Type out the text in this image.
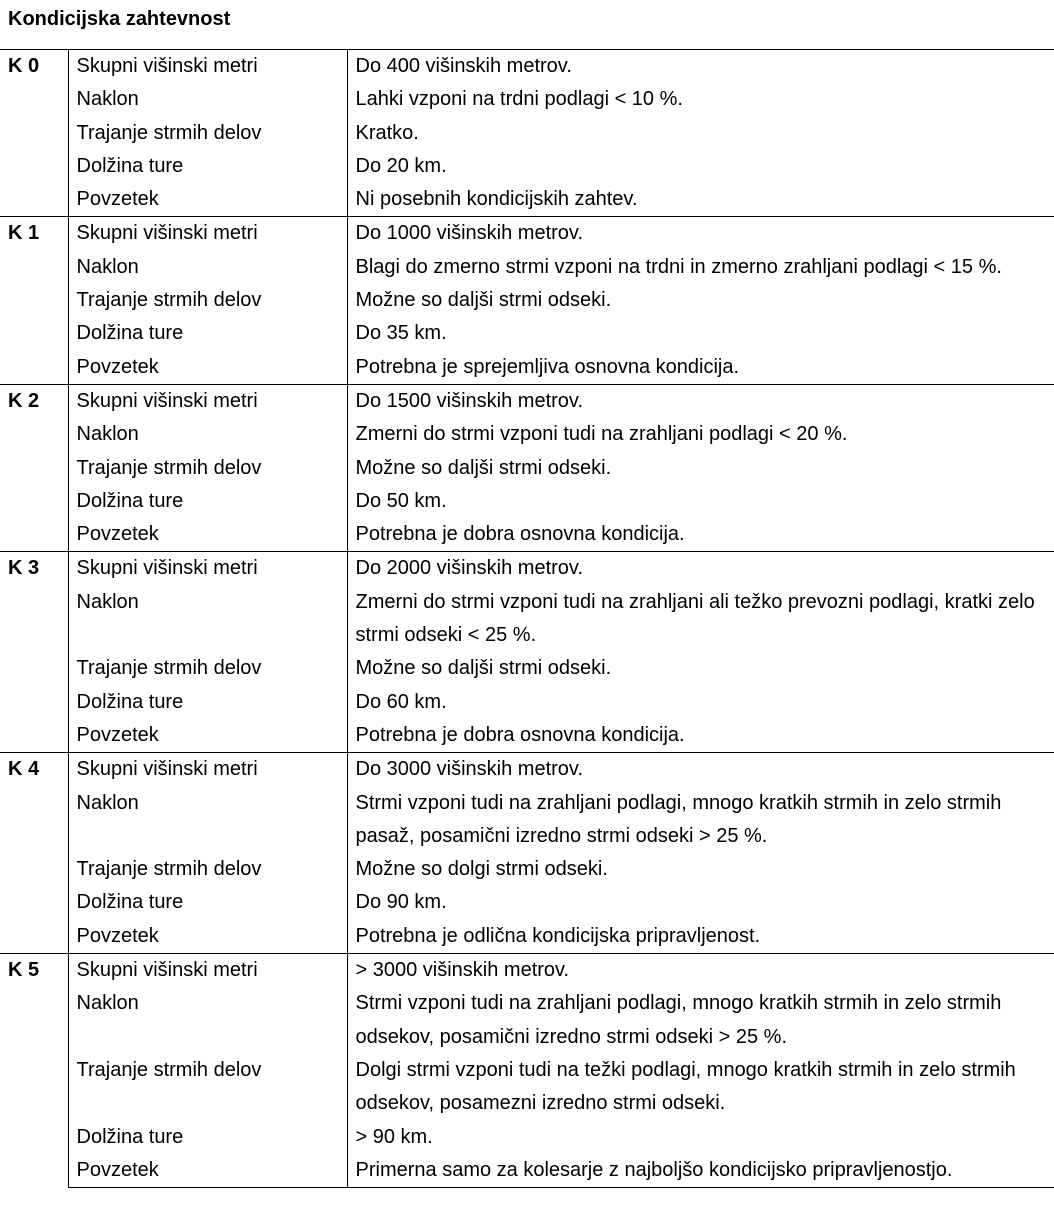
Kondicijska zahtevnost
K 0	Skupni višinski metri	Do 400 višinskih metrov.
	Naklon	Lahki vzponi na trdni podlagi < 10 %.
	Trajanje strmih delov	Kratko.
	Dolžina ture	Do 20 km.
	Povzetek	Ni posebnih kondicijskih zahtev.
K 1	Skupni višinski metri	Do 1000 višinskih metrov.
	Naklon	Blagi do zmerno strmi vzponi na trdni in zmerno zrahljani podlagi < 15 %.
	Trajanje strmih delov	Možne so daljši strmi odseki.
	Dolžina ture	Do 35 km.
	Povzetek	Potrebna je sprejemljiva osnovna kondicija.
K 2	Skupni višinski metri	Do 1500 višinskih metrov.
	Naklon	Zmerni do strmi vzponi tudi na zrahljani podlagi < 20 %.
	Trajanje strmih delov	Možne so daljši strmi odseki.
	Dolžina ture	Do 50 km.
	Povzetek	Potrebna je dobra osnovna kondicija.
K 3	Skupni višinski metri	Do 2000 višinskih metrov.
	Naklon	Zmerni do strmi vzponi tudi na zrahljani ali težko prevozni podlagi, kratki zelo strmi odseki < 25 %.
	Trajanje strmih delov	Možne so daljši strmi odseki.
	Dolžina ture	Do 60 km.
	Povzetek	Potrebna je dobra osnovna kondicija.
K 4	Skupni višinski metri	Do 3000 višinskih metrov.
	Naklon	Strmi vzponi tudi na zrahljani podlagi, mnogo kratkih strmih in zelo strmih pasaž, posamični izredno strmi odseki > 25 %.
	Trajanje strmih delov	Možne so dolgi strmi odseki.
	Dolžina ture	Do 90 km.
	Povzetek	Potrebna je odlična kondicijska pripravljenost.
K 5	Skupni višinski metri	> 3000 višinskih metrov.
	Naklon	Strmi vzponi tudi na zrahljani podlagi, mnogo kratkih strmih in zelo strmih odsekov, posamični izredno strmi odseki > 25 %.
	Trajanje strmih delov	Dolgi strmi vzponi tudi na težki podlagi, mnogo kratkih strmih in zelo strmih odsekov, posamezni izredno strmi odseki.
	Dolžina ture	> 90 km.
	Povzetek	Primerna samo za kolesarje z najboljšo kondicijsko pripravljenostjo.
